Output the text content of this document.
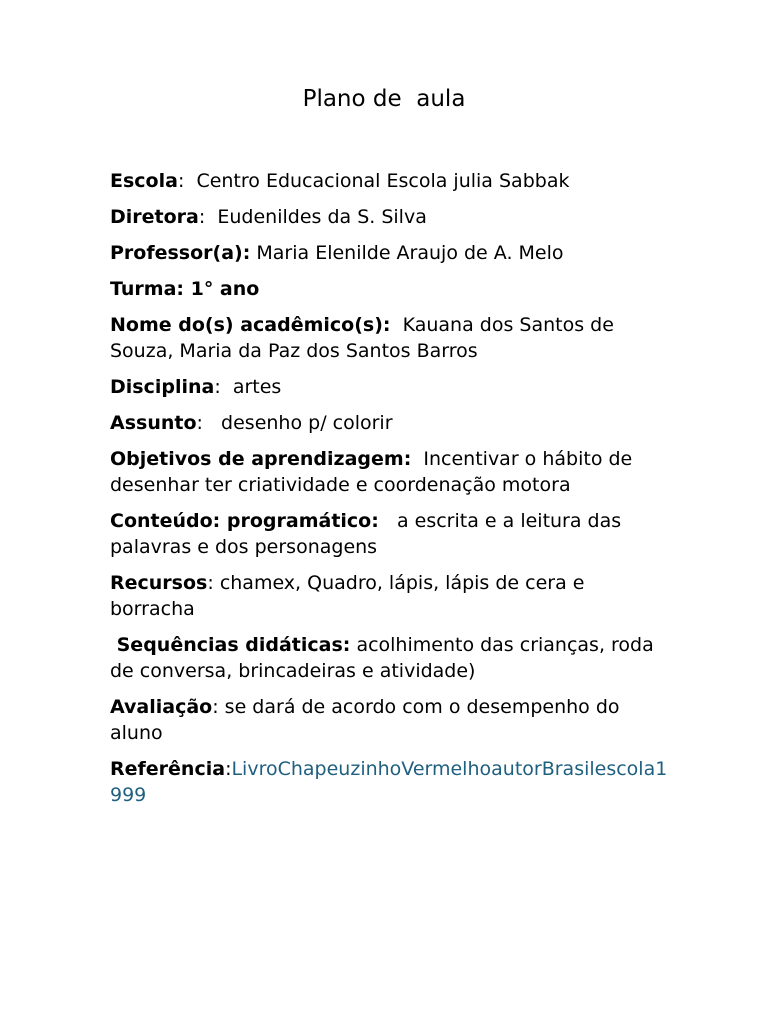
Plano de  aula

Escola:  Centro Educacional Escola julia Sabbak

Diretora:  Eudenildes da S. Silva

Professor(a): Maria Elenilde Araujo de A. Melo

Turma: 1° ano

Nome do(s) acadêmico(s): Kauana dos Santos de Souza, Maria da Paz dos Santos Barros

Disciplina:  artes

Assunto:   desenho p/ colorir

Objetivos de aprendizagem: Incentivar o hábito de desenhar ter criatividade e coordenação motora

Conteúdo: programático: a escrita e a leitura das palavras e dos personagens

Recursos: chamex, Quadro, lápis, lápis de cera e borracha

Sequências didáticas: acolhimento das crianças, roda de conversa, brincadeiras e atividade)

Avaliação: se dará de acordo com o desempenho do aluno

Referência:LivroChapeuzinhoVermelhoautorBrasilescola1999
